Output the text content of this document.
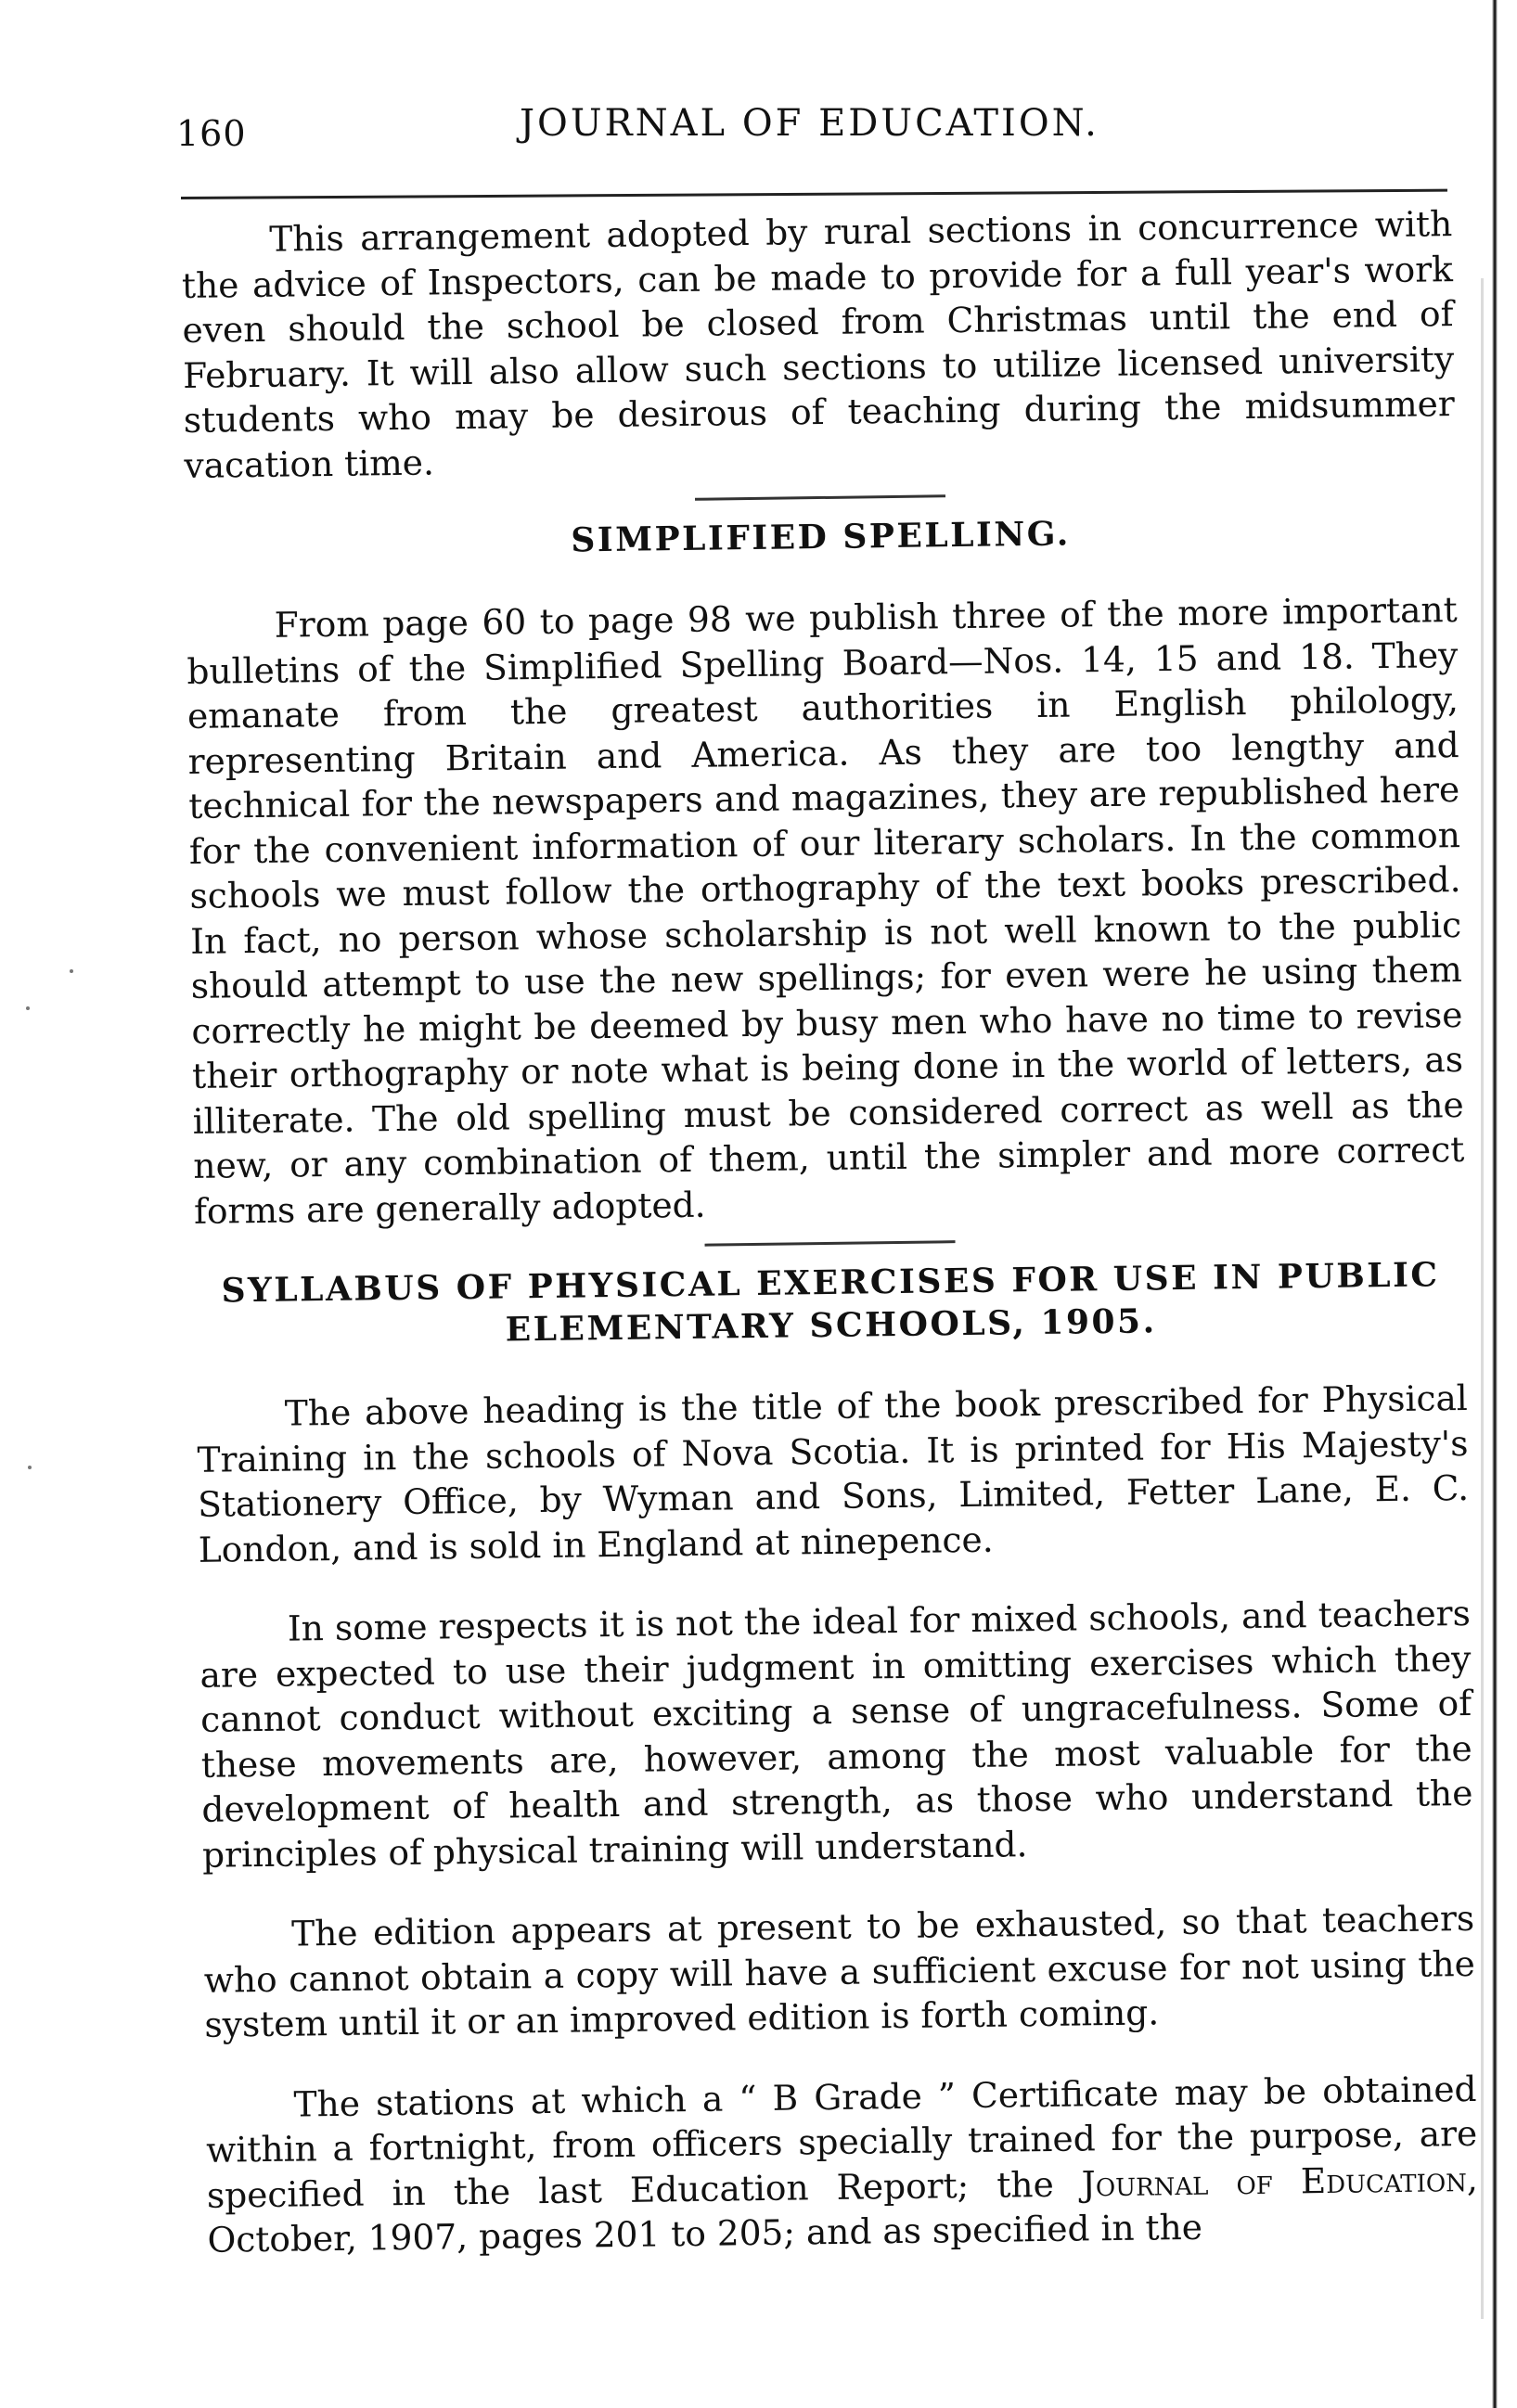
160	JOURNAL OF EDUCATION.

This arrangement adopted by rural sections in concurrence with the advice of Inspectors, can be made to provide for a full year's work even should the school be closed from Christmas until the end of February. It will also allow such sections to utilize licensed university students who may be desirous of teaching during the midsummer vacation time.

SIMPLIFIED SPELLING.

From page 60 to page 98 we publish three of the more important bulletins of the Simplified Spelling Board—Nos. 14, 15 and 18. They emanate from the greatest authorities in English philology, representing Britain and America. As they are too lengthy and technical for the newspapers and magazines, they are republished here for the convenient information of our literary scholars. In the common schools we must follow the orthography of the text books prescribed. In fact, no person whose scholarship is not well known to the public should attempt to use the new spellings; for even were he using them correctly he might be deemed by busy men who have no time to revise their orthography or note what is being done in the world of letters, as illiterate. The old spelling must be considered correct as well as the new, or any combination of them, until the simpler and more correct forms are generally adopted.

SYLLABUS OF PHYSICAL EXERCISES FOR USE IN PUBLIC
ELEMENTARY SCHOOLS, 1905.

The above heading is the title of the book prescribed for Physical Training in the schools of Nova Scotia. It is printed for His Majesty's Stationery Office, by Wyman and Sons, Limited, Fetter Lane, E. C. London, and is sold in England at ninepence.

In some respects it is not the ideal for mixed schools, and teachers are expected to use their judgment in omitting exercises which they cannot conduct without exciting a sense of ungracefulness. Some of these movements are, however, among the most valuable for the development of health and strength, as those who understand the principles of physical training will understand.

The edition appears at present to be exhausted, so that teachers who cannot obtain a copy will have a sufficient excuse for not using the system until it or an improved edition is forth coming.

The stations at which a “ B Grade ” Certificate may be obtained within a fortnight, from officers specially trained for the purpose, are specified in the last Education Report; the Journal of Education, October, 1907, pages 201 to 205; and as specified in the
